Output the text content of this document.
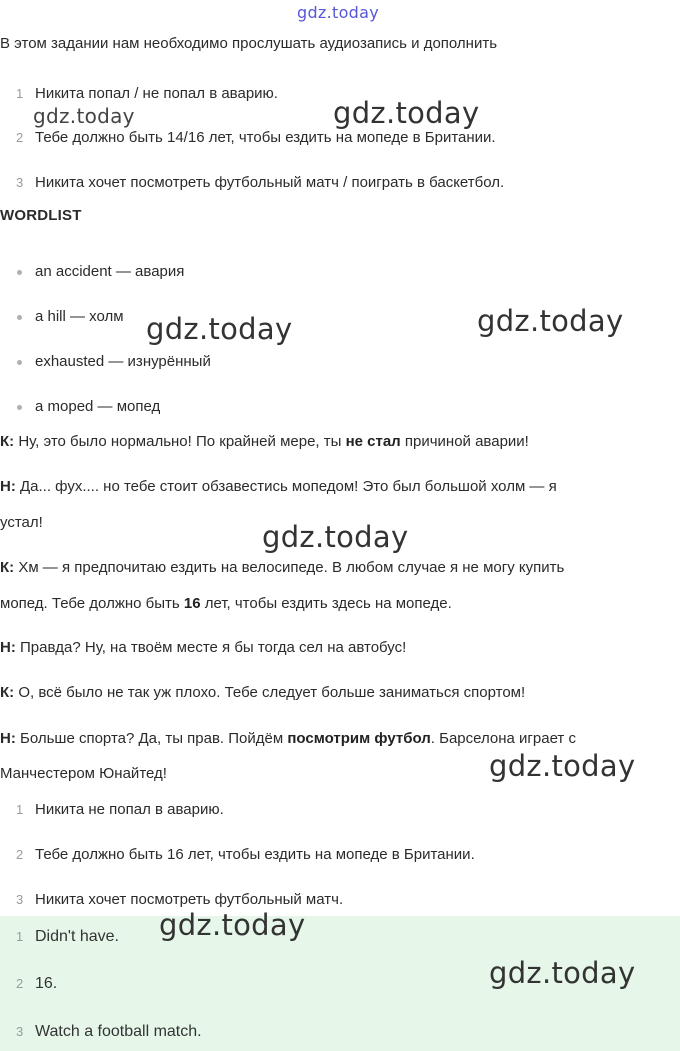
gdz.today
В этом задании нам необходимо прослушать аудиозапись и дополнить
1 Никита попал / не попал в аварию.
2 Тебе должно быть 14/16 лет, чтобы ездить на мопеде в Британии.
3 Никита хочет посмотреть футбольный матч / поиграть в баскетбол.
WORDLIST
an accident — авария
a hill — холм
exhausted — изнурённый
a moped — мопед
К: Ну, это было нормально! По крайней мере, ты не стал причиной аварии!
Н: Да... фух.... но тебе стоит обзавестись мопедом! Это был большой холм — я
устал!
К: Хм — я предпочитаю ездить на велосипеде. В любом случае я не могу купить
мопед. Тебе должно быть 16 лет, чтобы ездить здесь на мопеде.
Н: Правда? Ну, на твоём месте я бы тогда сел на автобус!
К: О, всё было не так уж плохо. Тебе следует больше заниматься спортом!
Н: Больше спорта? Да, ты прав. Пойдём посмотрим футбол. Барселона играет с
Манчестером Юнайтед!
1 Никита не попал в аварию.
2 Тебе должно быть 16 лет, чтобы ездить на мопеде в Британии.
3 Никита хочет посмотреть футбольный матч.
1 Didn't have.
2 16.
3 Watch a football match.
gdz.today	gdz.today
gdz.today	gdz.today
gdz.today
gdz.today
gdz.today
gdz.today
